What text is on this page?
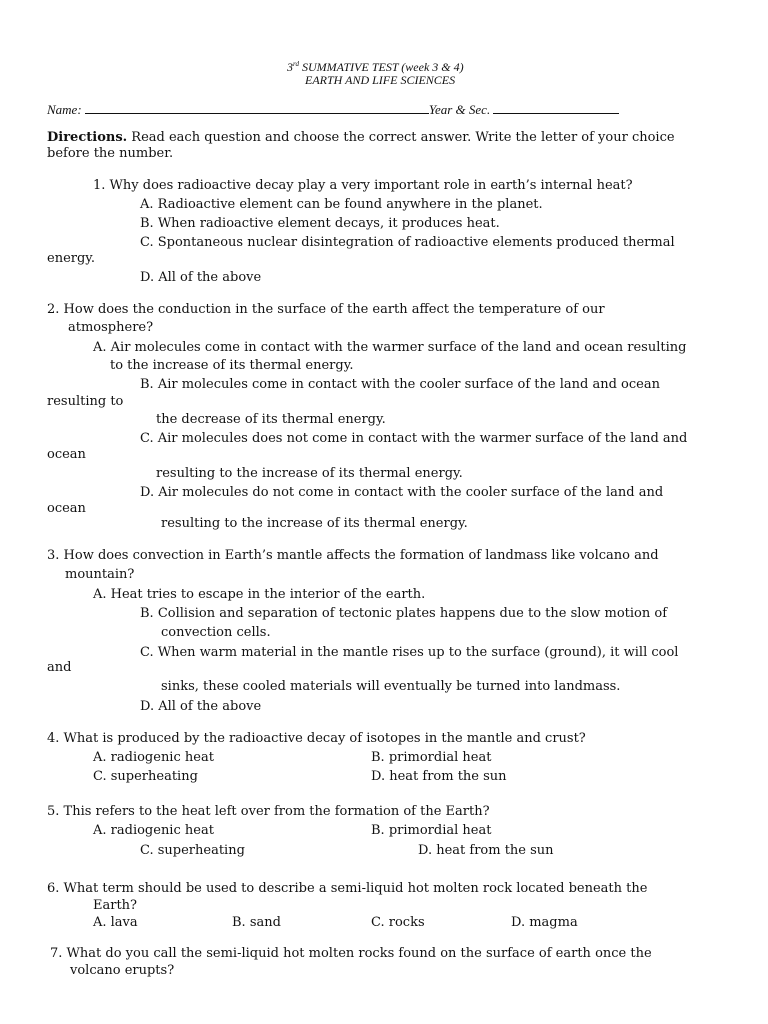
3rd SUMMATIVE TEST (week 3 & 4)
EARTH AND LIFE SCIENCES
Name:	Year & Sec.
Directions. Read each question and choose the correct answer. Write the letter of your choice
before the number.
1. Why does radioactive decay play a very important role in earth’s internal heat?
A. Radioactive element can be found anywhere in the planet.
B. When radioactive element decays, it produces heat.
C. Spontaneous nuclear disintegration of radioactive elements produced thermal
energy.
D. All of the above
2. How does the conduction in the surface of the earth affect the temperature of our
atmosphere?
A. Air molecules come in contact with the warmer surface of the land and ocean resulting
to the increase of its thermal energy.
B. Air molecules come in contact with the cooler surface of the land and ocean
resulting to
the decrease of its thermal energy.
C. Air molecules does not come in contact with the warmer surface of the land and
ocean
resulting to the increase of its thermal energy.
D. Air molecules do not come in contact with the cooler surface of the land and
ocean
resulting to the increase of its thermal energy.
3. How does convection in Earth’s mantle affects the formation of landmass like volcano and
mountain?
A. Heat tries to escape in the interior of the earth.
B. Collision and separation of tectonic plates happens due to the slow motion of
convection cells.
C. When warm material in the mantle rises up to the surface (ground), it will cool
and
sinks, these cooled materials will eventually be turned into landmass.
D. All of the above
4. What is produced by the radioactive decay of isotopes in the mantle and crust?
A. radiogenic heat	B. primordial heat
C. superheating	D. heat from the sun
5. This refers to the heat left over from the formation of the Earth?
A. radiogenic heat	B. primordial heat
C. superheating	D. heat from the sun
6. What term should be used to describe a semi-liquid hot molten rock located beneath the
Earth?
A. lava	B. sand	C. rocks	D. magma
7. What do you call the semi-liquid hot molten rocks found on the surface of earth once the
volcano erupts?
